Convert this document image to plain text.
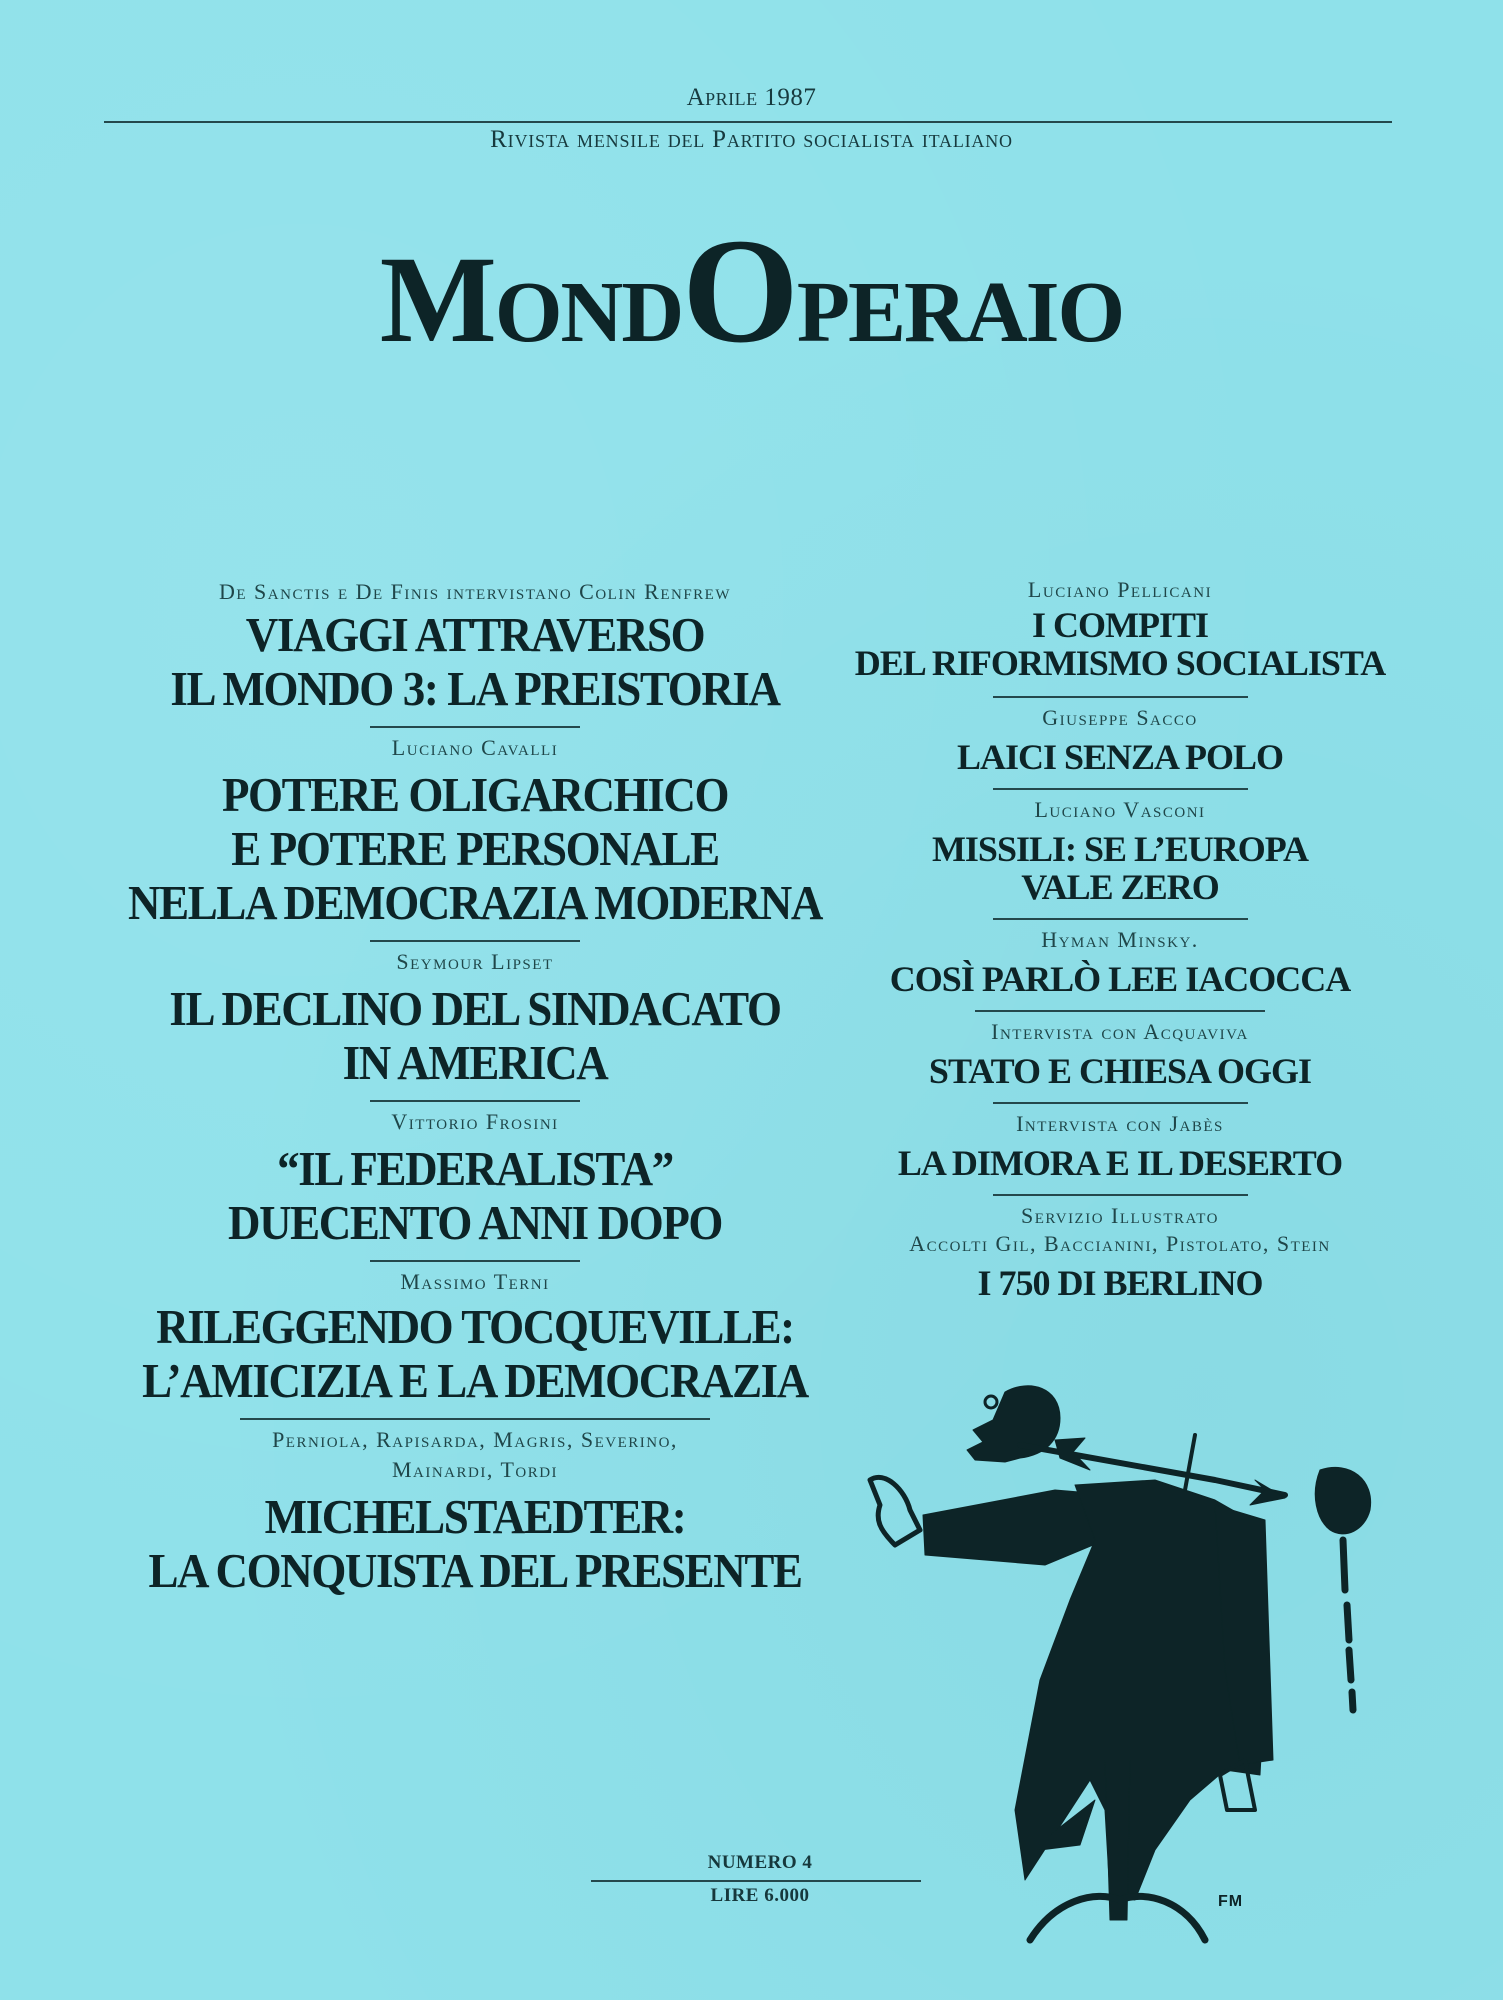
Aprile 1987
Rivista mensile del Partito socialista italiano
MondOperaio
De Sanctis e De Finis intervistano Colin Renfrew
VIAGGI ATTRAVERSO
IL MONDO 3: LA PREISTORIA
Luciano Cavalli
POTERE OLIGARCHICO
E POTERE PERSONALE
NELLA DEMOCRAZIA MODERNA
Seymour Lipset
IL DECLINO DEL SINDACATO
IN AMERICA
Vittorio Frosini
“IL FEDERALISTA”
DUECENTO ANNI DOPO
Massimo Terni
RILEGGENDO TOCQUEVILLE:
L’AMICIZIA E LA DEMOCRAZIA
Perniola, Rapisarda, Magris, Severino,
Mainardi, Tordi
MICHELSTAEDTER:
LA CONQUISTA DEL PRESENTE
Luciano Pellicani
I COMPITI
DEL RIFORMISMO SOCIALISTA
Giuseppe Sacco
LAICI SENZA POLO
Luciano Vasconi
MISSILI: SE L’EUROPA
VALE ZERO
Hyman Minsky.
COSÌ PARLÒ LEE IACOCCA
Intervista con Acquaviva
STATO E CHIESA OGGI
Intervista con Jabès
LA DIMORA E IL DESERTO
Servizio Illustrato
Accolti Gil, Baccianini, Pistolato, Stein
I 750 DI BERLINO
FM
NUMERO 4
LIRE 6.000
